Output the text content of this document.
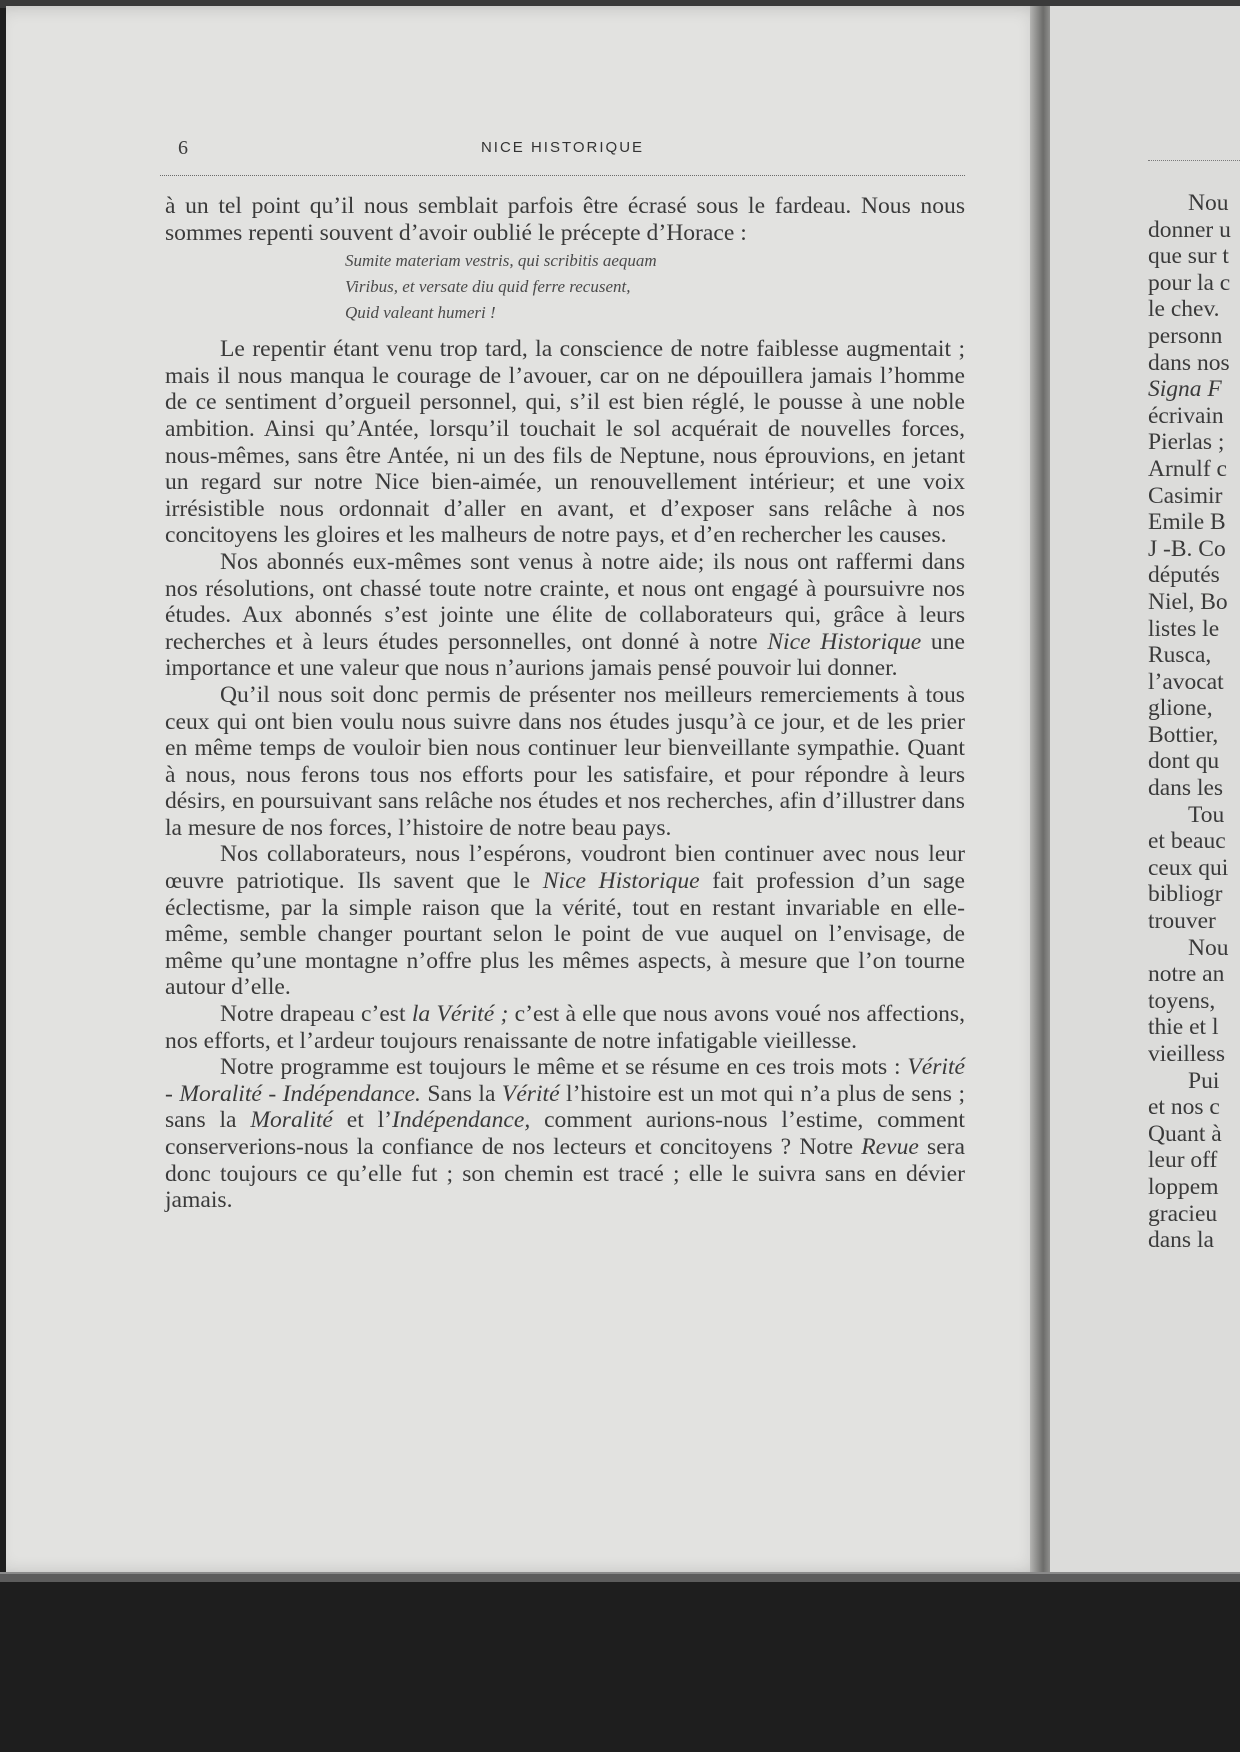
6	NICE HISTORIQUE

à un tel point qu’il nous semblait parfois être écrasé sous le fardeau. Nous nous sommes repenti souvent d’avoir oublié le précepte d’Horace :

Sumite materiam vestris, qui scribitis aequam
Viribus, et versate diu quid ferre recusent,
Quid valeant humeri !

Le repentir étant venu trop tard, la conscience de notre faiblesse augmentait ; mais il nous manqua le courage de l’avouer, car on ne dépouillera jamais l’homme de ce sentiment d’orgueil personnel, qui, s’il est bien réglé, le pousse à une noble ambition. Ainsi qu’Antée, lorsqu’il touchait le sol acquérait de nouvelles forces, nous-mêmes, sans être Antée, ni un des fils de Neptune, nous éprouvions, en jetant un regard sur notre Nice bien-aimée, un renouvellement intérieur; et une voix irrésistible nous ordonnait d’aller en avant, et d’exposer sans relâche à nos concitoyens les gloires et les malheurs de notre pays, et d’en rechercher les causes.

Nos abonnés eux-mêmes sont venus à notre aide; ils nous ont raffermi dans nos résolutions, ont chassé toute notre crainte, et nous ont engagé à poursuivre nos études. Aux abonnés s’est jointe une élite de collaborateurs qui, grâce à leurs recherches et à leurs études personnelles, ont donné à notre Nice Historique une importance et une valeur que nous n’aurions jamais pensé pouvoir lui donner.

Qu’il nous soit donc permis de présenter nos meilleurs remerciements à tous ceux qui ont bien voulu nous suivre dans nos études jusqu’à ce jour, et de les prier en même temps de vouloir bien nous continuer leur bienveillante sympathie. Quant à nous, nous ferons tous nos efforts pour les satisfaire, et pour répondre à leurs désirs, en poursuivant sans relâche nos études et nos recherches, afin d’illustrer dans la mesure de nos forces, l’histoire de notre beau pays.

Nos collaborateurs, nous l’espérons, voudront bien continuer avec nous leur œuvre patriotique. Ils savent que le Nice Historique fait profession d’un sage éclectisme, par la simple raison que la vérité, tout en restant invariable en elle-même, semble changer pourtant selon le point de vue auquel on l’envisage, de même qu’une montagne n’offre plus les mêmes aspects, à mesure que l’on tourne autour d’elle.

Notre drapeau c’est la Vérité ; c’est à elle que nous avons voué nos affections, nos efforts, et l’ardeur toujours renaissante de notre infatigable vieillesse.

Notre programme est toujours le même et se résume en ces trois mots : Vérité - Moralité - Indépendance. Sans la Vérité l’histoire est un mot qui n’a plus de sens ; sans la Moralité et l’Indépendance, comment aurions-nous l’estime, comment conserverions-nous la confiance de nos lecteurs et concitoyens ? Notre Revue sera donc toujours ce qu’elle fut ; son chemin est tracé ; elle le suivra sans en dévier jamais.

Nou
donner u
que sur t
pour la c
le chev.
personn
dans nos
Signa F
écrivain
Pierlas ;
Arnulf c
Casimir
Emile B
J -B. Co
députés
Niel, Bo
listes le
Rusca,
l’avocat
glione,
Bottier,
dont qu
dans les
Tou
et beauc
ceux qui
bibliogr
trouver
Nou
notre an
toyens,
thie et l
vieilless
Pui
et nos c
Quant à
leur off
loppem
gracieu
dans la
